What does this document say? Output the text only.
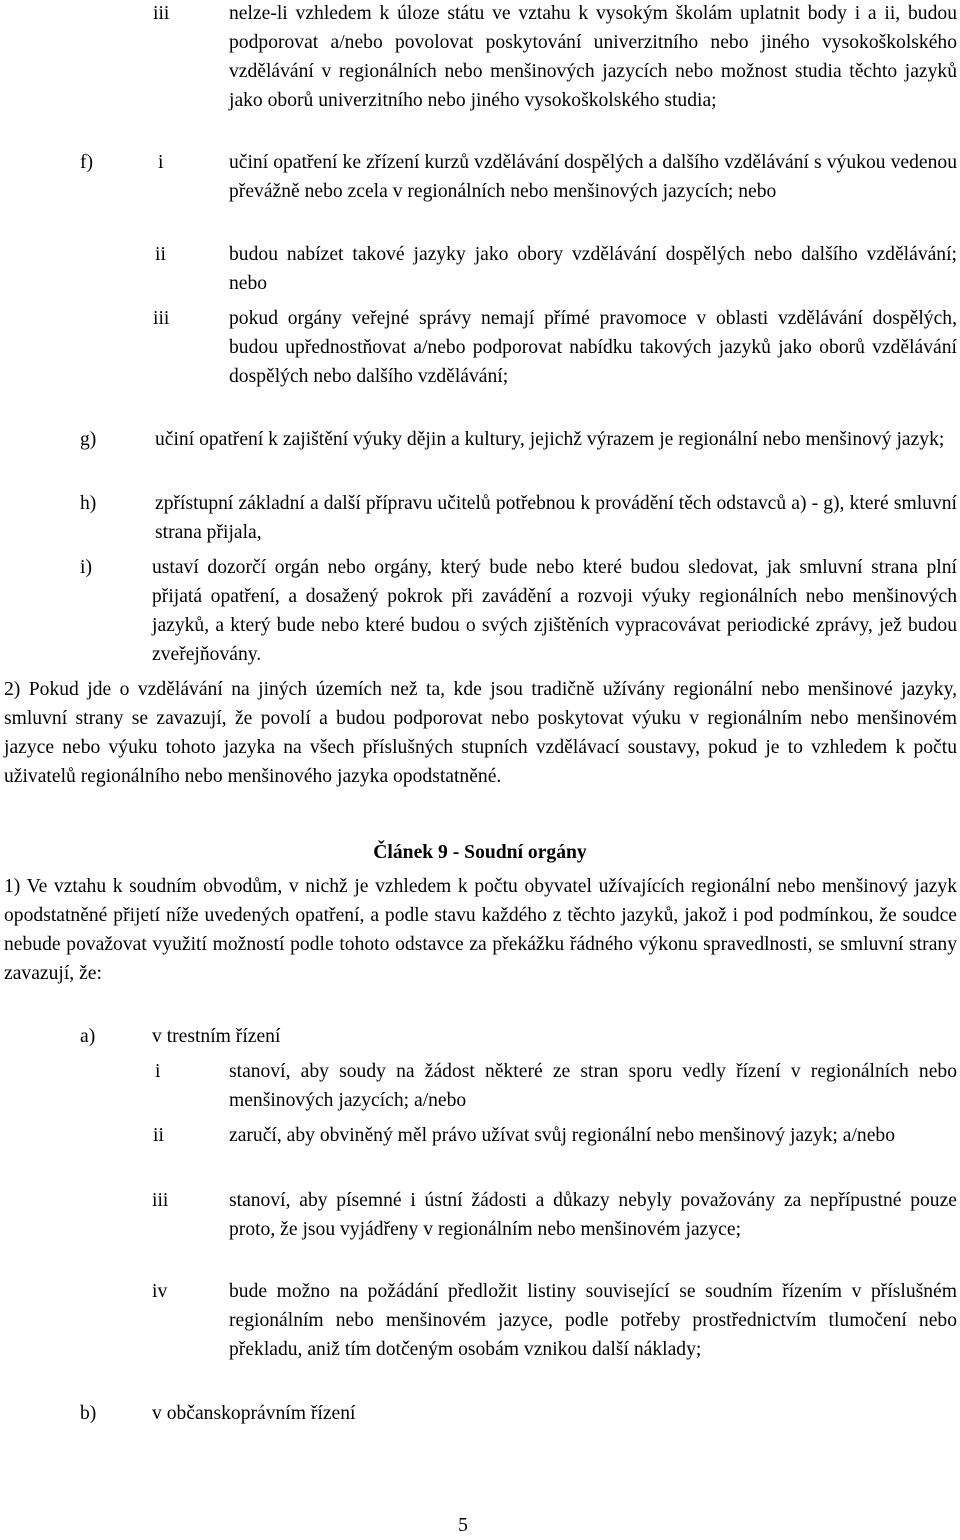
iii	nelze-li vzhledem k úloze státu ve vztahu k vysokým školám uplatnit body i a ii, budou podporovat a/nebo povolovat poskytování univerzitního nebo jiného vysokoškolského vzdělávání v regionálních nebo menšinových jazycích nebo možnost studia těchto jazyků jako oborů univerzitního nebo jiného vysokoškolského studia;
f)	i	učiní opatření ke zřízení kurzů vzdělávání dospělých a dalšího vzdělávání s výukou vedenou převážně nebo zcela v regionálních nebo menšinových jazycích; nebo
ii	budou nabízet takové jazyky jako obory vzdělávání dospělých nebo dalšího vzdělávání; nebo
iii	pokud orgány veřejné správy nemají přímé pravomoce v oblasti vzdělávání dospělých, budou upřednostňovat a/nebo podporovat nabídku takových jazyků jako oborů vzdělávání dospělých nebo dalšího vzdělávání;
g)	učiní opatření k zajištění výuky dějin a kultury, jejichž výrazem je regionální nebo menšinový jazyk;
h)	zpřístupní základní a další přípravu učitelů potřebnou k provádění těch odstavců a) - g), které smluvní strana přijala,
i)	ustaví dozorčí orgán nebo orgány, který bude nebo které budou sledovat, jak smluvní strana plní přijatá opatření, a dosažený pokrok při zavádění a rozvoji výuky regionálních nebo menšinových jazyků, a který bude nebo které budou o svých zjištěních vypracovávat periodické zprávy, jež budou zveřejňovány.
2) Pokud jde o vzdělávání na jiných územích než ta, kde jsou tradičně užívány regionální nebo menšinové jazyky, smluvní strany se zavazují, že povolí a budou podporovat nebo poskytovat výuku v regionálním nebo menšinovém jazyce nebo výuku tohoto jazyka na všech příslušných stupních vzdělávací soustavy, pokud je to vzhledem k počtu uživatelů regionálního nebo menšinového jazyka opodstatněné.
Článek 9 - Soudní orgány
1) Ve vztahu k soudním obvodům, v nichž je vzhledem k počtu obyvatel užívajících regionální nebo menšinový jazyk opodstatněné přijetí níže uvedených opatření, a podle stavu každého z těchto jazyků, jakož i pod podmínkou, že soudce nebude považovat využití možností podle tohoto odstavce za překážku řádného výkonu spravedlnosti, se smluvní strany zavazují, že:
a)	v trestním řízení
i	stanoví, aby soudy na žádost některé ze stran sporu vedly řízení v regionálních nebo menšinových jazycích; a/nebo
ii	zaručí, aby obviněný měl právo užívat svůj regionální nebo menšinový jazyk; a/nebo
iii	stanoví, aby písemné i ústní žádosti a důkazy nebyly považovány za nepřípustné pouze proto, že jsou vyjádřeny v regionálním nebo menšinovém jazyce;
iv	bude možno na požádání předložit listiny související se soudním řízením v příslušném regionálním nebo menšinovém jazyce, podle potřeby prostřednictvím tlumočení nebo překladu, aniž tím dotčeným osobám vznikou další náklady;
b)	v občanskoprávním řízení
5
